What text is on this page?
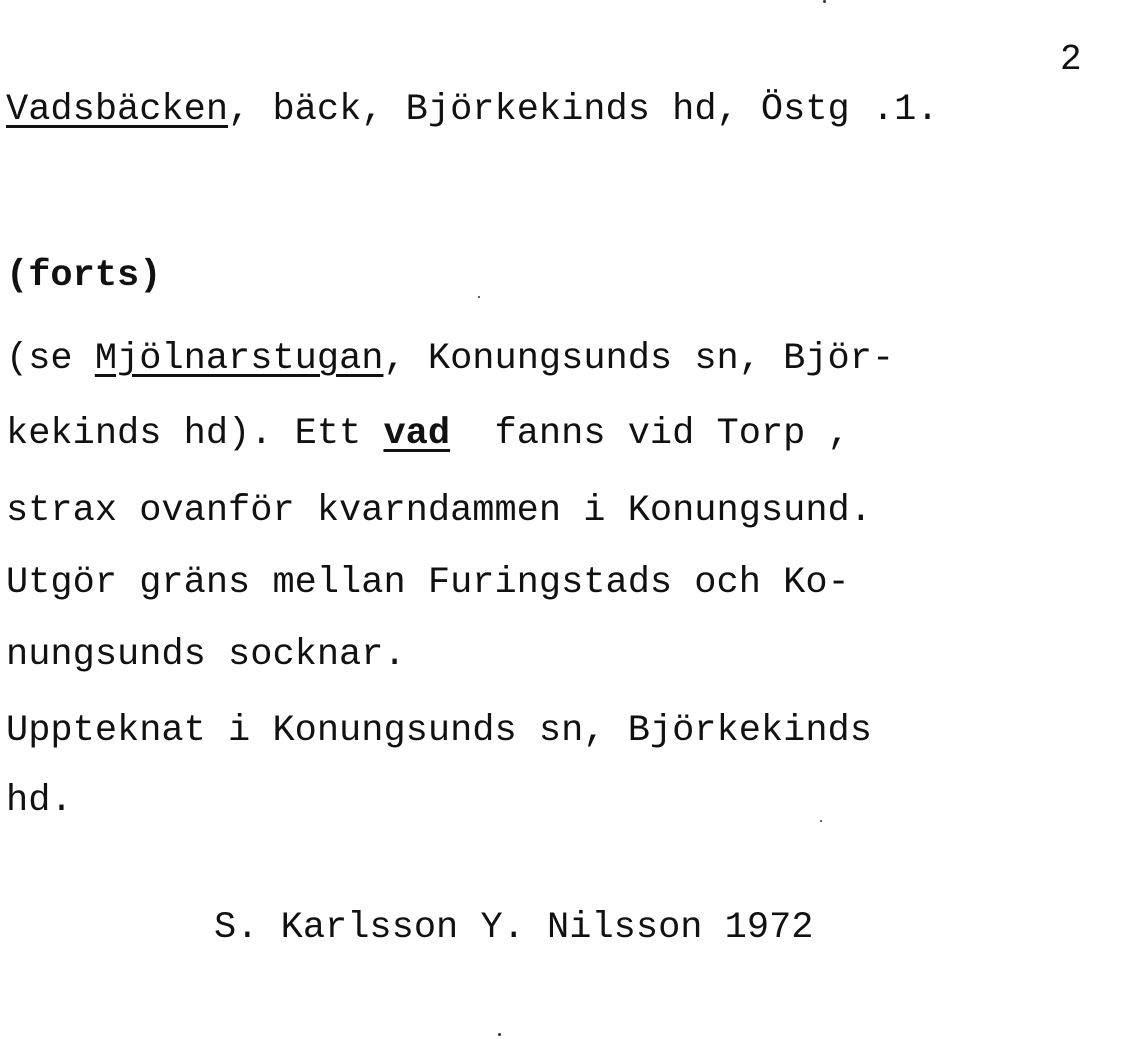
2
Vadsbäcken, bäck, Björkekinds hd, Östg .1.
(forts)
(se Mjölnarstugan, Konungsunds sn, Björ-
kekinds hd). Ett vad  fanns vid Torp ,
strax ovanför kvarndammen i Konungsund.
Utgör gräns mellan Furingstads och Ko-
nungsunds socknar.
Uppteknat i Konungsunds sn, Björkekinds
hd.
S. Karlsson Y. Nilsson 1972
